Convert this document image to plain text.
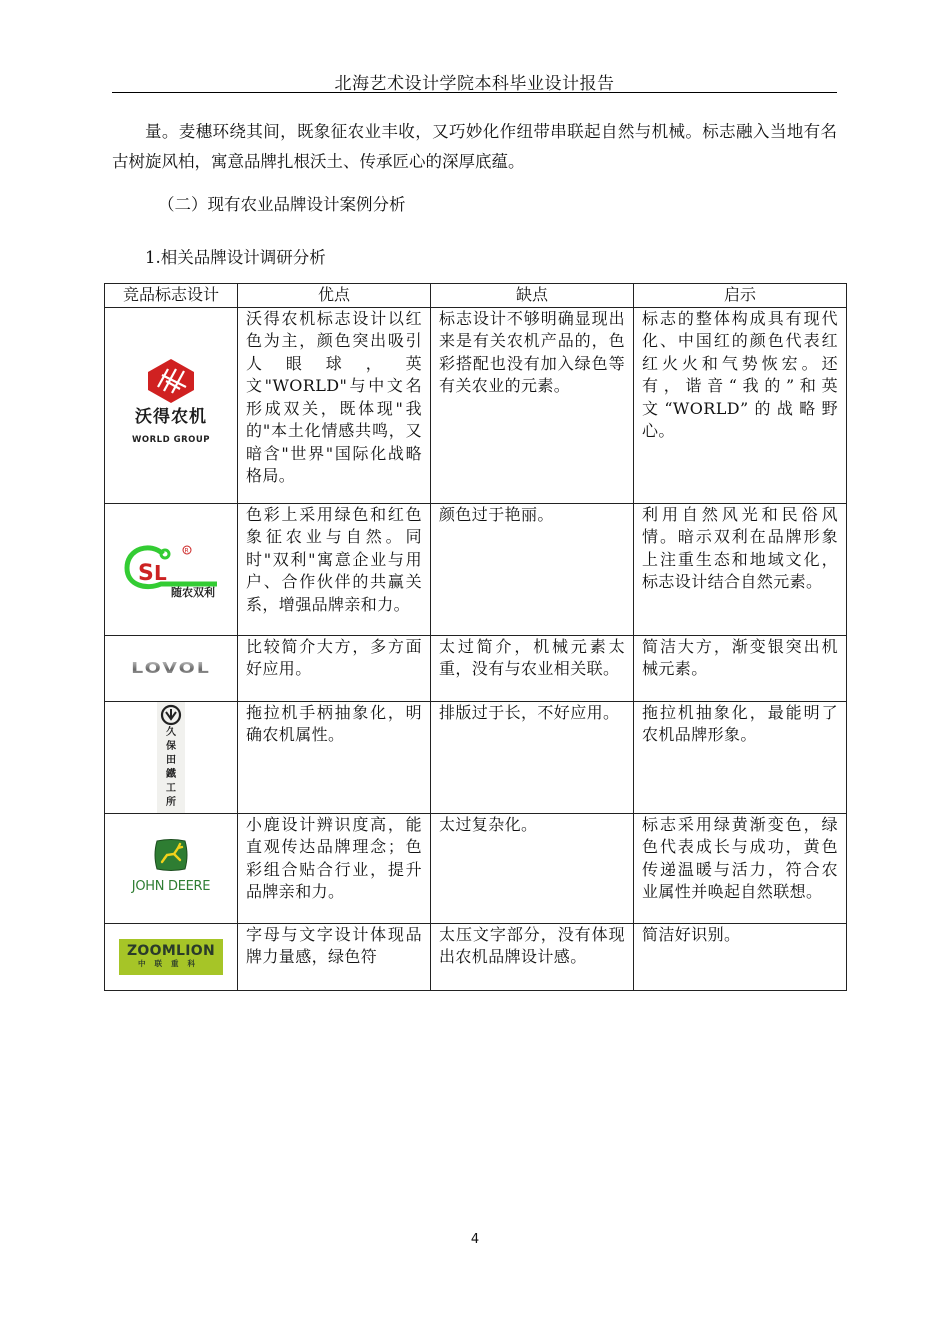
北海艺术设计学院本科毕业设计报告
量。麦穗环绕其间，既象征农业丰收，又巧妙化作纽带串联起自然与机械。标志融入当地有名古树旋风柏，寓意品牌扎根沃土、传承匠心的深厚底蕴。
（二）现有农业品牌设计案例分析
1.相关品牌设计调研分析
竞品标志设计	优点	缺点	启示

沃得农机
WORLD GROUP	沃得农机标志设计以红色为主，颜色突出吸引人眼球，英文"WORLD"与中文名形成双关，既体现"我的"本土化情感共鸣，又暗含"世界"国际化战略格局。	标志设计不够明确显现出来是有关农机产品的，色彩搭配也没有加入绿色等有关农业的元素。	标志的整体构成具有现代化、中国红的颜色代表红红火火和气势恢宏。还有，谐音“我的”和英文“WORLD”的战略野心。

S L
R
随农双利	色彩上采用绿色和红色象征农业与自然。同时"双利"寓意企业与用户、合作伙伴的共赢关系，增强品牌亲和力。	颜色过于艳丽。	利用自然风光和民俗风情。暗示双利在品牌形象上注重生态和地域文化，标志设计结合自然元素。

LOVOL	比较简介大方，多方面好应用。	太过简介，机械元素太重，没有与农业相关联。	简洁大方，渐变银突出机械元素。

久
保
田
鐵
工
所
	拖拉机手柄抽象化，明确农机属性。	排版过于长，不好应用。	拖拉机抽象化，最能明了农机品牌形象。

JOHN DEERE	小鹿设计辨识度高，能直观传达品牌理念；色彩组合贴合行业，提升品牌亲和力。	太过复杂化。	标志采用绿黄渐变色，绿色代表成长与成功，黄色传递温暖与活力，符合农业属性并唤起自然联想。

ZOOMLION
中联重科	字母与文字设计体现品牌力量感，绿色符	太压文字部分，没有体现出农机品牌设计感。	简洁好识别。
4
